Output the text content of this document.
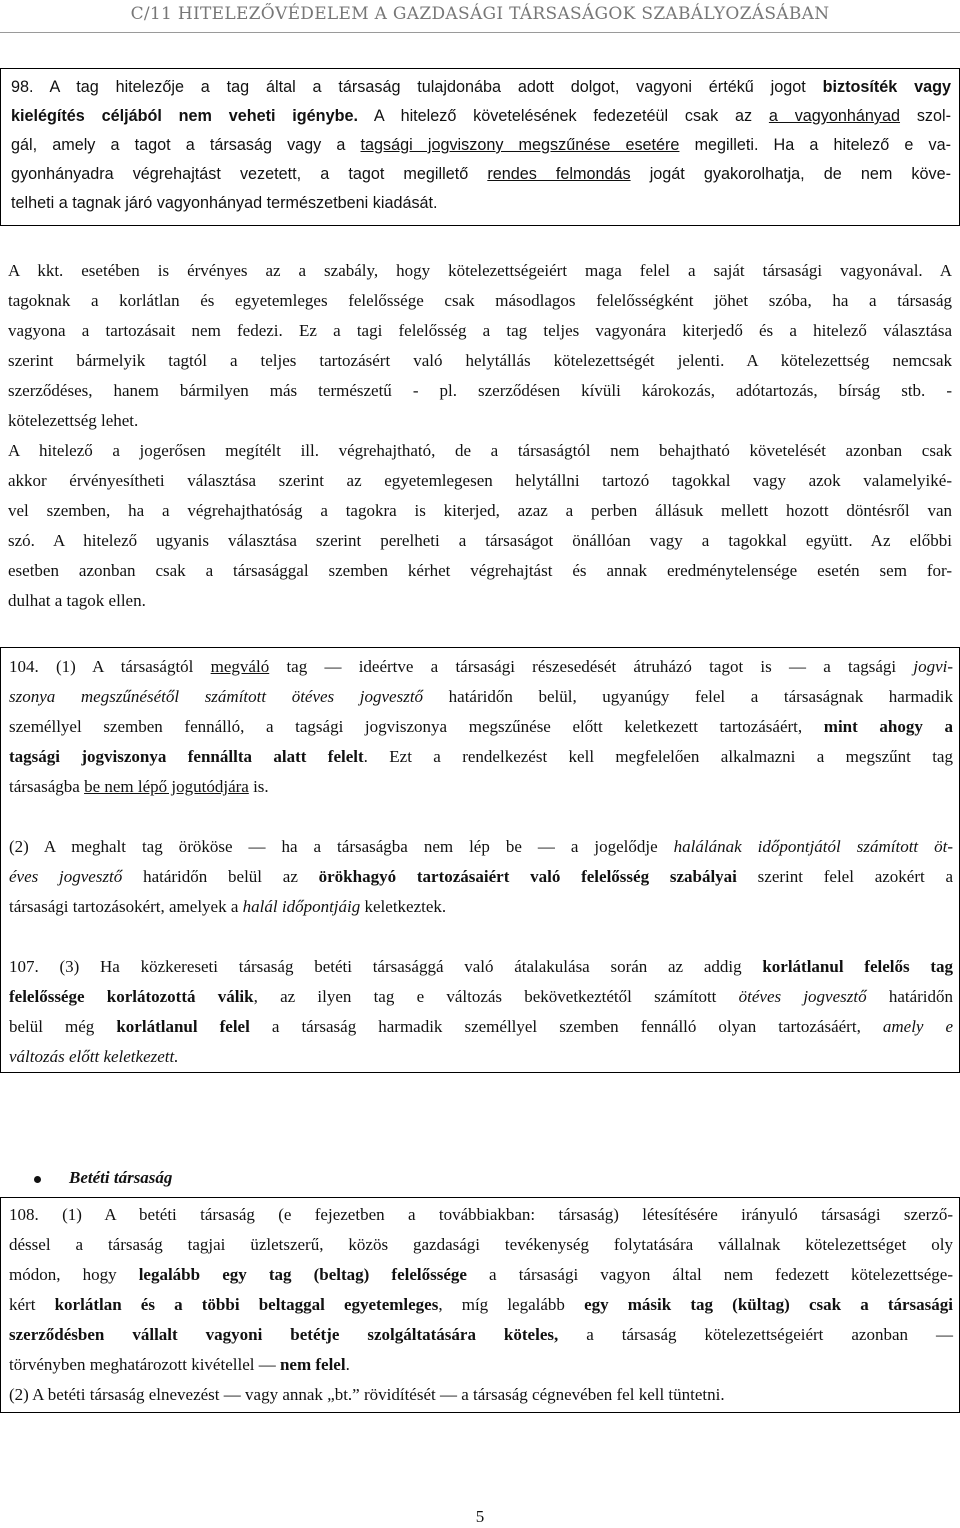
C/11 HITELEZŐVÉDELEM A GAZDASÁGI TÁRSASÁGOK SZABÁLYOZÁSÁBAN
98. A tag hitelezője a tag által a társaság tulajdonába adott dolgot, vagyoni értékű jogot biztosíték vagy
kielégítés céljából nem veheti igénybe. A hitelező követelésének fedezetéül csak az a vagyonhányad szol-
gál, amely a tagot a társaság vagy a tagsági jogviszony megszűnése esetére megilleti. Ha a hitelező e va-
gyonhányadra végrehajtást vezetett, a tagot megillető rendes felmondás jogát gyakorolhatja, de nem köve-
telheti a tagnak járó vagyonhányad természetbeni kiadását.
A kkt. esetében is érvényes az a szabály, hogy kötelezettségeiért maga felel a saját társasági vagyonával. A
tagoknak a korlátlan és egyetemleges felelőssége csak másodlagos felelősségként jöhet szóba, ha a társaság
vagyona a tartozásait nem fedezi. Ez a tagi felelősség a tag teljes vagyonára kiterjedő és a hitelező választása
szerint bármelyik tagtól a teljes tartozásért való helytállás kötelezettségét jelenti. A kötelezettség nemcsak
szerződéses, hanem bármilyen más természetű - pl. szerződésen kívüli károkozás, adótartozás, bírság stb. -
kötelezettség lehet.
A hitelező a jogerősen megítélt ill. végrehajtható, de a társaságtól nem behajtható követelését azonban csak
akkor érvényesítheti választása szerint az egyetemlegesen helytállni tartozó tagokkal vagy azok valamelyiké-
vel szemben, ha a végrehajthatóság a tagokra is kiterjed, azaz a perben állásuk mellett hozott döntésről van
szó. A hitelező ugyanis választása szerint perelheti a társaságot önállóan vagy a tagokkal együtt. Az előbbi
esetben azonban csak a társasággal szemben kérhet végrehajtást és annak eredménytelensége esetén sem for-
dulhat a tagok ellen.
104. (1) A társaságtól megváló tag ― ideértve a társasági részesedését átruházó tagot is ― a tagsági jogvi-
szonya megszűnésétől számított ötéves jogvesztő határidőn belül, ugyanúgy felel a társaságnak harmadik
személlyel szemben fennálló, a tagsági jogviszonya megszűnése előtt keletkezett tartozásáért, mint ahogy a
tagsági jogviszonya fennállta alatt felelt. Ezt a rendelkezést kell megfelelően alkalmazni a megszűnt tag
társaságba be nem lépő jogutódjára is.
(2) A meghalt tag örököse ― ha a társaságba nem lép be ― a jogelődje halálának időpontjától számított öt-
éves jogvesztő határidőn belül az örökhagyó tartozásaiért való felelősség szabályai szerint felel azokért a
társasági tartozásokért, amelyek a halál időpontjáig keletkeztek.
107. (3) Ha közkereseti társaság betéti társasággá való átalakulása során az addig korlátlanul felelős tag
felelőssége korlátozottá válik, az ilyen tag e változás bekövetkeztétől számított ötéves jogvesztő határidőn
belül még korlátlanul felel a társaság harmadik személlyel szemben fennálló olyan tartozásáért, amely e
változás előtt keletkezett.
Betéti társaság
108. (1) A betéti társaság (e fejezetben a továbbiakban: társaság) létesítésére irányuló társasági szerző-
déssel a társaság tagjai üzletszerű, közös gazdasági tevékenység folytatására vállalnak kötelezettséget oly
módon, hogy legalább egy tag (beltag) felelőssége a társasági vagyon által nem fedezett kötelezettsége-
kért korlátlan és a többi beltaggal egyetemleges, míg legalább egy másik tag (kültag) csak a társasági
szerződésben vállalt vagyoni betétje szolgáltatására köteles, a társaság kötelezettségeiért azonban ―
törvényben meghatározott kivétellel ― nem felel.
(2) A betéti társaság elnevezést ― vagy annak „bt.” rövidítését ― a társaság cégnevében fel kell tüntetni.
5
